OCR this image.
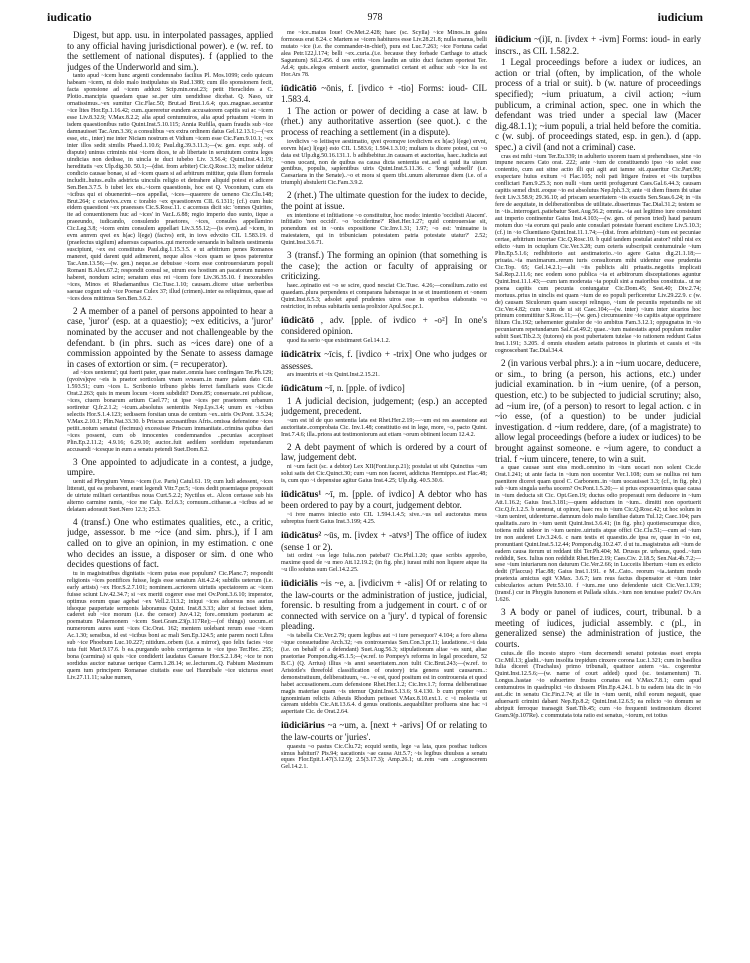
iudicatio	978	iudicium

Digest, but app. usu. in interpolated passages, applied to any official having jurisdictional power). e (w. ref. to the settlement of national disputes). f (applied to the judges of the Underworld and sim.).

tanto apud ~icem hunc argenti condemnabo facilius Pl. Mos.1099; cedo quicum habeam ~icem, ni dolo malo instipulatus sis Rud.1380; cum illo sponsionem fecit, facta sponsione ad ~icem adduxi Scip.min.orat.23; petit Heraclides a C. Plotio..mancipia quaedam quae se..per uim uendidisse dicebat. Q. Naso, uir ornatissimus..~ex sumitur Cic.Flac.50; Brut.ad Brut.1.6.4; quo..magnae..secantur ~ice lites Hor.Ep.1.16.42; cum..quereretur eundem accusatorem capitis sui ac ~icem esse Liv.8.32.9; V.Max.8.2.2; alia apud centumuiros, alia apud priuatum ~icem in isdem quaestionibus ratio Quint.Inst.5.10.115; Annia Rufilla, quam fraudis sub ~ice damnauisset Tac.Ann.3.36; a consulibus ~ex extra ordinem datus Gel.12.13.1;—(~ex esse, etc., inter) me inter Niciam nostrum et Vidium ~icem esse Cic.Fam.9.10.1; ~ex inter illos sedit similis Phaed.1.10.6; Paul.dig.39.3.11.3;—(w. gen. expr. subj. of dispute) uninus criminis nisi ~icem dices, te ab libertate in seruitutem contra leges uindicias non dedisse, in uincla te duci iubebo Liv. 3.56.4; Quint.Inst.4.1.19; hereditatis ~ex Ulp.dig.30. 50.1;—(dist. from arbiter) Cic.Q.Rosc.13; melior uidetur condicio causae bonae, si ad ~icem quam si ad arbitrum mittitur, quia illum formula includit..huius..eulis adstricta uinculis religio et detrahere aliquid potest et adicere Sen.Ben.3.7.5. b iubet lex eis..~icem quaestionis, hoc est Q. Voconium, cum eis ~icibus qui ei obuenerint—nos appellat, ~ices—quaerere de ueneno Cic.Clu.148; Brut.264; c octavivs..cvm c torabio ~ex qvaestionvm CIL 6.1311; (cf.) cum huic eidem quaestioni ~ex praeesses Cic.S.Rosc.11. c accensus dicit sic: 'omnes Quirites, ite ad conuentionem huc ad ~ices' in Var.L.6.88; regio imperio duo sunto, iique a praeeundo, iudicando, consulendo praetores, ~ices, consules appellamino Cic.Leg.3.8; ~icem enim consulem appellari Liv.3.55.12;—(is evm)..ad ~icem, in evm annvm qvei ex h(ac) l(ege) (factvs) erit, in iovs edvxito CIL 1.583.19. d (praefectus uigilum) aduersus capsarios..qui mercede seruanda in balineis uestimenta suscipiunt, ~ex est constitutus Paul.dig.1.15.3.5. e ut arbitrium penes Romanos maneret, quid darent quid adimerent, neque alios ~ices quam se ipsos paterentur Tac.Ann.13.56;—(w. gen.) neque..se debuisse ~icem esse controuersiarum populi Romani B.Alex.67.2; respondit consul se, utrum eos hostium an pacatorum numero haberet, nondum scire; senatum eius rei ~icem fore Liv.36.35.10. f inexorabiles ~ices, Minos et Rhadamanthus Cic.Tusc.1.10; causam..dicere uitae uerberibus saeuae cogunt sub ~ice Poenae Culex 37; illud (crimen)..inter ea reliquimus, quae ad ~ices deos mittimus Sen.Ben.3.6.2.

2 A member of a panel of persons appointed to hear a case, 'juror' (esp. at a quaestio); ~ex editicivs, a 'juror' nominated by the accuser and not challengeable by the defendant. b (in phrs. such as ~ices dare) one of a commission appointed by the Senate to assess damage in cases of extortion or sim. (= recuperator).

ad ~ices ueniemu'; qui fuerit pater, quae mater..omnia haec confingam Ter.Ph.129; (qvoivs)qve ~eis is praetor sorticolam vnam svxeam..in manv palam dato CIL 1.593.51; cum ~ices L. Scribonio tribuno plebis ferret familiaris suos Cic.de Orat.2.263; quis in meum locum ~icem subdidit? Dom.85; conseruate..rei publicae, ~ices, ciuem bonarum artium Cael.77; ut ipse ~ices per praetorem urbanum sortiretur Q.fr.2.1.2; ~icum..absolutus sententiis Nep.Lys.3.4; unum ex ~icibus selectis Hor.S.1.4.123; sedissem forsitan unus de centum ~ex..uiris Ov.Pont. 3.5.24; V.Max.2.10.1; Plin.Nat.33.30. b Priscus accusantibus Afris..omissa defensione ~ices petiit..notum senatui (fecimus) excessisse Priscum immanitate..crimina quibus dari ~ices possent, cum ob innocentes condemnandos ..pecunias accepisset Plin.Ep.2.11.2; 4.9.16; 6.29.10; auctor..fuit aedilem sordidum repetundarum accusandi ~icesque in eum a senatu petendi Suet.Dom.8.2.

3 One appointed to adjudicate in a contest, a judge, umpire.

uenit ad Phrygium Venus ~icem (i.e. Paris) Catul.61. 19; cum ludi adessent, ~ices litterati, qui ea probarent, erant legendi Vitr.7.pr.5; ~ices dedit praemiaque proposuit de uirtute militari certantibus noua Curt.5.2.2; Nyctilus et.. Alcon certasse sub his alterno carmine ramis, ~ice me Calp. Ecl.6.3; cornuum..citharae..a ~icibus ad se delatam adorauit Suet.Nero 12.3; 25.3.

4 (transf.) One who estimates qualities, etc., a critic, judge, assessor. b me ~ice (and sim. phrs.), if I am called on to give an opinion, in my estimation. c one who decides an issue, a disposer or sim. d one who decides questions of fact.

tu in magistratibus dignitatis ~icem putas esse populum? Cic.Planc.7; respondit religionis ~ices pontifices fuisse, legis esse senatum Att.4.2.4; subtilis ueterum (i.e. early artists) ~ex Hor.S.2.7.101; nominem..acriorem uirtutis spectatorem ac ~icem fuisse sciunt Liv.42.34.7; si ~ex meriti cogerer esse mei Ov.Pont.3.6.10; imperator, optimus eorum quae agebat ~ex Vell.2.113.2; iniqui ~ices aduersus nos aurius idsoque paupertate sermonis laboramus Quint. Inst.8.3.33; alter si fecisset idem, caderet sub ~ice morum (i.e. the censor) Juv.4.12; fore..omnium poetarum ac poematum Palaemonem ~icem Suet.Gram.23(p.117Re);—(of things) uocum..et numerorum aures sunt ~ices Cic.Orat. 162; mentem uolebant rerum esse ~icem Ac.1.30; sensibus, id est ~icibus boni ac mali Sen.Ep.124.5; ante parem nocti Libra sub ~ice Phoebum Luc.10.227; nitidum..orbem (i.e. a mirror), quo felix facies ~ice tuta fuit Mart.9.17.6. b ea..purgando uobis corrigemus te ~ice ipso Ter.Hec. 255; bona (carmina) si quis ~ice condiderit laudatus Caesare Hor.S.2.1.84; ~ice te non sordidus auctor naturae uerique Carm.1.28.14; se..lecturum..Q. Fabium Maximum quem tum principem Romanae ciuitatis esse uel Hannibale ~ice uicturus esset Liv.27.11.11; salue numen,

me ~ice..maius Ioue! Ov.Met.2.428; haec (sc. Scylla) ~ice Minos..in galea formosus erat 8.24. c Martem se ~icem habituros esse Liv.28.21.8; nulla manus, belli mutato ~ice (i.e. the commander-in-chief), pura est Luc.7.263; ~ice Fortuna cadat alea Petr.122,l.174; belli ~ex..curia..(i.e. because they forbade Carthage to attack Saguntum) Sil.2.456. d uos eritis ~ices laudin an uitio duci factum oporteat Ter. Ad.4; quis..elegos emiserit auctor, grammatici certant et adhuc sub ~ice lis est Hor.Ars 78.

iūdicātiō ~ōnis, f. [ivdico + -tio] Forms: ioud- CIL 1.583.4.

1 The action or power of deciding a case at law. b (rhet.) any authoritative assertion (see quot.). c the process of reaching a settlement (in a dispute).

iovdicivs ~o leitisqve aestimatio, qvei qvomqve iovdicivm ex h(ac) l(ege) ervnt, eorvm h(ac) l(ege) esto CIL 1.583.6; 1.594.1.3.10; multam is dicere potest, cui ~o data est Ulp.dig.50.16.131.1. b adhibebitur..in causam et auctoritas, haec..iudicia aut ~ones uocant, non de quibus ea causa dicta sententia est..sed si quid ita uisum gentibus, populis, sapientibus uiris Quint.Inst.5.11.36. c 'longi subselli' (i.e. Caesarians in the Senate)..~o et mora si quem tibi..unum alterumue diem (i.e. of a triumph) abstulerit Cic.Fam.3.9.2.

2 (rhet.) The ultimate question for the iudex to decide, the point at issue.

ex intentione et infitiatione ~o constituitur, hoc modo: intentio 'occidisti Aiacem'. infitiatio 'non occidi'. ~o 'occideritne?' Rhet.Her.1.27; quid controuersiae sit, ponendum est in ~onis expositione Cic.Inv.1.31; 1.97; ~o est: 'minuatne is maiestatem, qui in tribuniciam potestatem patria potestate utatur?' 2.52; Quint.Inst.3.6.71.

3 (transf.) The forming an opinion (that something is the case); the action or faculty of appraising or criticizing.

haec..opinatio est ~o se scire, quod nesciat Cic.Tusc. 4.26;—consilium..ratio est quaedam..plura perpendens et comparans habensque in se et inuentionem et ~onem Quint.Inst.6.5.3; adsolet apud prudentes uiros esse in operibus elaboratis ~o restrictior, in rebus subitariis uenia prolixior Apul.Soc.pr.1.

iūdicātō , adv. [pple. of ivdico + -o²] In one's considered opinion.

quod ita serio ~que existimaret Gel.14.1.2.

iūdicātrix ~īcis, f. [ivdico + -trix] One who judges or assesses.

ars inuentrix et ~ix Quint.Inst.2.15.21.

iūdicātum ~ī, n. [pple. of ivdico]

1 A judicial decision, judgement; (esp.) an accepted judgement, precedent.

~um est id de quo sententia lata est Rhet.Her.2.19;—~um est res assensione aut auctoritate..comprobata Cic. Inv.1.48; constitutio est in lege, more, ~o, pacto Quint. Inst.7.4.6; illa..priora aut testimoniorum aut etiam ~orum obtinent locum 12.4.2.

2 A debt payment of which is ordered by a court of law, judgement debt.

ni ~um facit (sc. a debtor) Lex XII(Font.iur.p.21); postulat ut sibi Quinctius ~um solui satis det Cic.Quinct.30; cum ~um non faceret, addictus Hermippo..est Flac.48; is, cum quo ~i depensiue agitur Gaius Inst.4.25; Ulp.dig. 40.5.30.6.

iūdicātus¹ ~ī, m. [pple. of ivdico] A debtor who has been ordered to pay by a court, judgement debtor.

~i ivre manvs iniectio esto CIL 1.594.1.4.5; sive..~us uel auctoratus meus subreptus fuerit Gaius Inst.3.199; 4.25.

iūdicātus² ~ūs, m. [ivdex + -atvs³] The office of iudex (sense 1 or 2).

isti ordini ~us lege Iulia..non patebat? Cic.Phil.1.20; quae scribis approbo, maxime quod de ~u meo Att.12.19.2; (in fig. phr.) iuraui mihi non liquere atque ita ~u illo solutus sum Gel.14.2.25.

iūdiciālis ~is ~e, a. [ivdicivm + -alis] Of or relating to the law-courts or the administration of justice, judicial, forensic. b resulting from a judgement in court. c of or connected with service on a 'jury'. d typical of forensic pleading.

~is tabella Cic.Ver.2.79; quem legibus aut ~i iure persequor? 4.104; a foro aliena ~ique consuetudine Arch.32; ~es controuersias Sen.Con.3.pr.11; laudatione..~i data (i.e. on behalf of a defendant) Suet.Aug.56.3; stipulationum aliae ~es sunt, aliae praetoriae Pompon.dig.45.1.5;—(w.ref. to Pompey's reforms in legal procedure, 52 B.C.) (Q. Arrius) illius ~is anni seueritatem..non tulit Cic.Brut.243;—(w.ref. to Aristotle's threefold classification of oratory) tria genera sunt causarum..: demonstratiuum, deliberatiuum, ~e.. ~e est, quod positum est in controuersia et quod habet accusationem..cum defensione Rhet.Her.1.2; Cic.Inv.1.7; forma deliberatiuae magis materiae quam ~is utemur Quint.Inst.5.13.6; 9.4.130. b cum propter ~em ignominiam relictis Atheuis Rhodum petisset V.Max.8.10.ext.1. c ~i molestia ut caream uidebis Cic.Att.13.6.4. d genus orationis..aequabiliter profluens sine hac ~i asperitate Cic. de Orat.2.64.

iūdiciārius ~a ~um, a. [next + -arivs] Of or relating to the law-courts or 'juries'.

quaestu ~o pastus Cic.Clu.72; ecquid sentis, lege ~a lata, quos posthac iudices simus habituri? Pis.94; uacationis ~ae causa Att.5.7; ~is legibus diuulsus a senatu eques Flor.Epit.1.47(3.12.9); 2.5(3.17.3); Amp.26.1; ut..rem ~am ..cognoscerem Gel.14.2.1.

iūdicium ~(i)ī, n. [ivdex + -ivm] Forms: ioud- in early inscrs., as CIL 1.582.2.

1 Legal proceedings before a iudex or iudices, an action or trial (often, by implication, of the whole process of a trial or suit). b (w. nature of proceedings specified); ~ium priuatum, a civil action; ~ium publicum, a criminal action, spec. one in which the defendant was tried under a special law (Macer dig.48.1.1); ~ium populi, a trial held before the comitia. c (w. subj. of proceedings stated, esp. in gen.). d (app. spec.) a civil (and not a criminal) case.

cras est mihi ~ium Ter.Eu.339; in adulterio uxorem tuam si prehendisses, sine ~io impune necares Cato orat. 222; ante ~ium de constituendo ipso ~io solet esse contentio, cum aut sitne actio illi qui agit aut iamne sit..quaeritur Cic.Part.99; exspectare huius exitum ~i Flac.105; noli pati litigare fratres et ~iis turpibus conflictari Fam.9.25.3; non nulli ~ium ueriti profugerunt Caes.Gal.6.44.3; causam capitis semel dixit..eoque ~io est absolutus Nep.Iph.3.3; ante ~ii diem finem ibi uitae fecit Liv.3.58.9; 29.36.10; ad priscam seueritatem ~iis exactis Sen.Suas.6.24; in ~iis fere de aequitate, in deliberationibus de utilitate..disserimus Tac.Dial.31.2; testem se in ~iis..interrogari..patiebatur Suet.Aug.56.2; omnia..~ia aut legitimo iure consistunt aut imperio continentur Gaius Inst.4.103;—(w. gen. of person tried) haud paruum motum duo ~ia eorum qui paulo ante consulari potestate fuerant excitere Liv.5.10.3; (cf.) in ~io Cluentiano Quint.Inst.11.1.74;—(dist. from arbitrium) ~ium est pecuniae certae, arbitrium incertae Cic.Q.Rosc.10. b quid tandem postulat arator? nihil nisi ex edicto ~ium in octuplum Cic.Ver.3.28; cum ceteris subscripsit centumuirale ~ium Plin.Ep.5.1.6; redhibitorio aut aestimatorio..~io agere Gaius dig.21.1.18;—priuata..~ia maximarum..rerum iuris consultorum mihi uidentur esse prudentia Cic.Top. 65; Gel.14.2.1;—alii ~iis publicis alii priuatis..negotiis implicati Sal.Rep.2.11.6; nec eodem sono publica ~ia et arbitrorum disceptationes aguntur Quint.Inst.11.1.43;—cum tam moderata ~ia populi sint a maioribus constituta.. ut ne poena capitis cum pecunia coniungatur Cic.Dom.45; Sest.40; Div.2.74; mortuus..prius in uinclis est quam ~ium de eo populi perficeretur Liv.29.22.9. c (w. de) causam Siculorum quam suscepi relinquo, ~ium de pecuniis repetundis ne sit Cic.Ver.4.82; cum ~ium de ui sit Caec.104;—(w. inter) ~ium inter sicarios hoc primum committitur S.Rosc.11;—(w. gen.) circumuenire ~io capitis atque opprimere filium Clu.192; uehementer gratulor de ~io ambitus Fam.3.12.1; oppugnatus in ~io pecuniarum repetundarum Sal.Cat.49.2; quae..~ium maiestatis apud populum mulier subiit Suet.Tib.2.3; (tutores) eis post pubertatem tutelae ~io rationem reddunt Gaius Inst.1.191; 3.205. d omnis eiusdem aetatis patronos in plurimis et causis et ~iis cognoscebant Tac.Dial.34.4.

2 (in various verbal phrs.): a in ~ium uocare, deducere, or sim., to bring (a person, his actions, etc.) under judicial examination. b in ~ium uenire, (of a person, question, etc.) to be subjected to judicial scrutiny; also, ad ~ium ire, (of a person) to resort to legal action. c in ~io esse, (of a question) to be under judicial investigation. d ~ium reddere, dare, (of a magistrate) to allow legal proceedings (before a iudex or iudices) to be brought against someone. e ~ium agere, to conduct a trial. f ~ium uincere, tenere, to win a suit.

a quae causae sunt eius modi..omnino in ~ium uocari non solent Cic.de Orat.1.241; ut ante facta in ~ium non uocentur Ver.1.108; cum se nullius rei tum paenitere diceret quam quod C. Carbonem..in ~ium uocauisset 3.3; (cf., in fig. phr.) sub ~ium singula uerba uocem? Ov.Pont.1.5.20;— si prius exposuerimus quae causa in ~ium deducta sit Cic. Opt.Gen.19; ductus odio properauit rem deducere in ~ium Att.1.16.2; Gaius Inst.3.181;—quem adductum in ~ium.. dimitti non oportuerit Cic.Q.fr.1.2.5. b uenerat, ut opinor, haec res in ~ium Cic.Q.Rosc.42; ut hoc solum in ~ium ueniret, uidereturne..damnum dolo malo familiae datum Tul.12; Caec.104; pars qualitatis..raro in ~ium uenit Quint.Inst.3.6.41; (in fig. phr.) quotienscumque dico, totiens mihi uideor in ~ium uenire..uirtutis atque offici Cic.Clu.51;—cum ad ~ium ire non auderet Liv.3.24.6. c nam testis et quaestio..de ipsa re, quae in ~io est, pronuntiant Quint.Inst.5.12.44; Pompon.dig.10.2.47. d ut tu..magistratus adi ~ium de eadem causa iterum ut reddant tibi Ter.Ph.404; M. Drusus pr. urbanus, quod..~ium reddidit, Sex. Iulius non reddidit Rhet.Her.2.19; Caes.Civ. 2.18.5; Sen.Nat.4b.7.2;—sese ~ium iniuriarum non daturum Cic.Ver.2.66; in Lucceiis libertum ~ium ex edicto dedit (Flaccus) Flac.88; Gaius Inst.1.191. e M...Cato.. reorum ~ia..tantum modo praetexta amictus egit V.Max. 3.6.7; iam reus factus dispensator et ~ium inter cubicularios actum Petr.53.10. f ~ium..me uno defendente uicit Cic.Ver.1.139; (transf.) cur in Phrygiis Iunonem et Pallada siluis..~ium non tenuisse pudet? Ov.Ars 1.626.

3 A body or panel of iudices, court, tribunal. b a meeting of iudices, judicial assembly. c (pl., in generalized sense) the administration of justice, the courts.

cuius..de illo incesto stupro ~ium decernendi senatui potestas esset erepta Cic.Mil.13; gladii..~ium insolita trepidum cinxere corona Luc.1.321; cum in basilica Iulia diceret (Trachalus) primo tribunali, quattuor autem ~ia.. cogerentur Quint.Inst.12.5.6;—(w. name of court added) quod (sc. testamentum) Ti. Longus..hastae ~io subuertere frustra conatus est V.Max.7.8.1; cum apud centumuiros in quadruplici ~io dixissem Plin.Ep.4.24.1. b tu eadem ista dic in ~io aut..dic in senatu Cic.Fin.2.74; at ille in ~ium uenit, nihil eorum negauit, quae aduersarii crimini dabant Nep.Ep.8.2; Quint.Inst.12.6.5; ea relicto ~io domum se abripuit ferroque transegit Suet.Tib.45; cum ~io frequenti testimonium diceret Gram.9(p.107Re). c commutata tota ratio est senatus, ~iorum, rei totius
